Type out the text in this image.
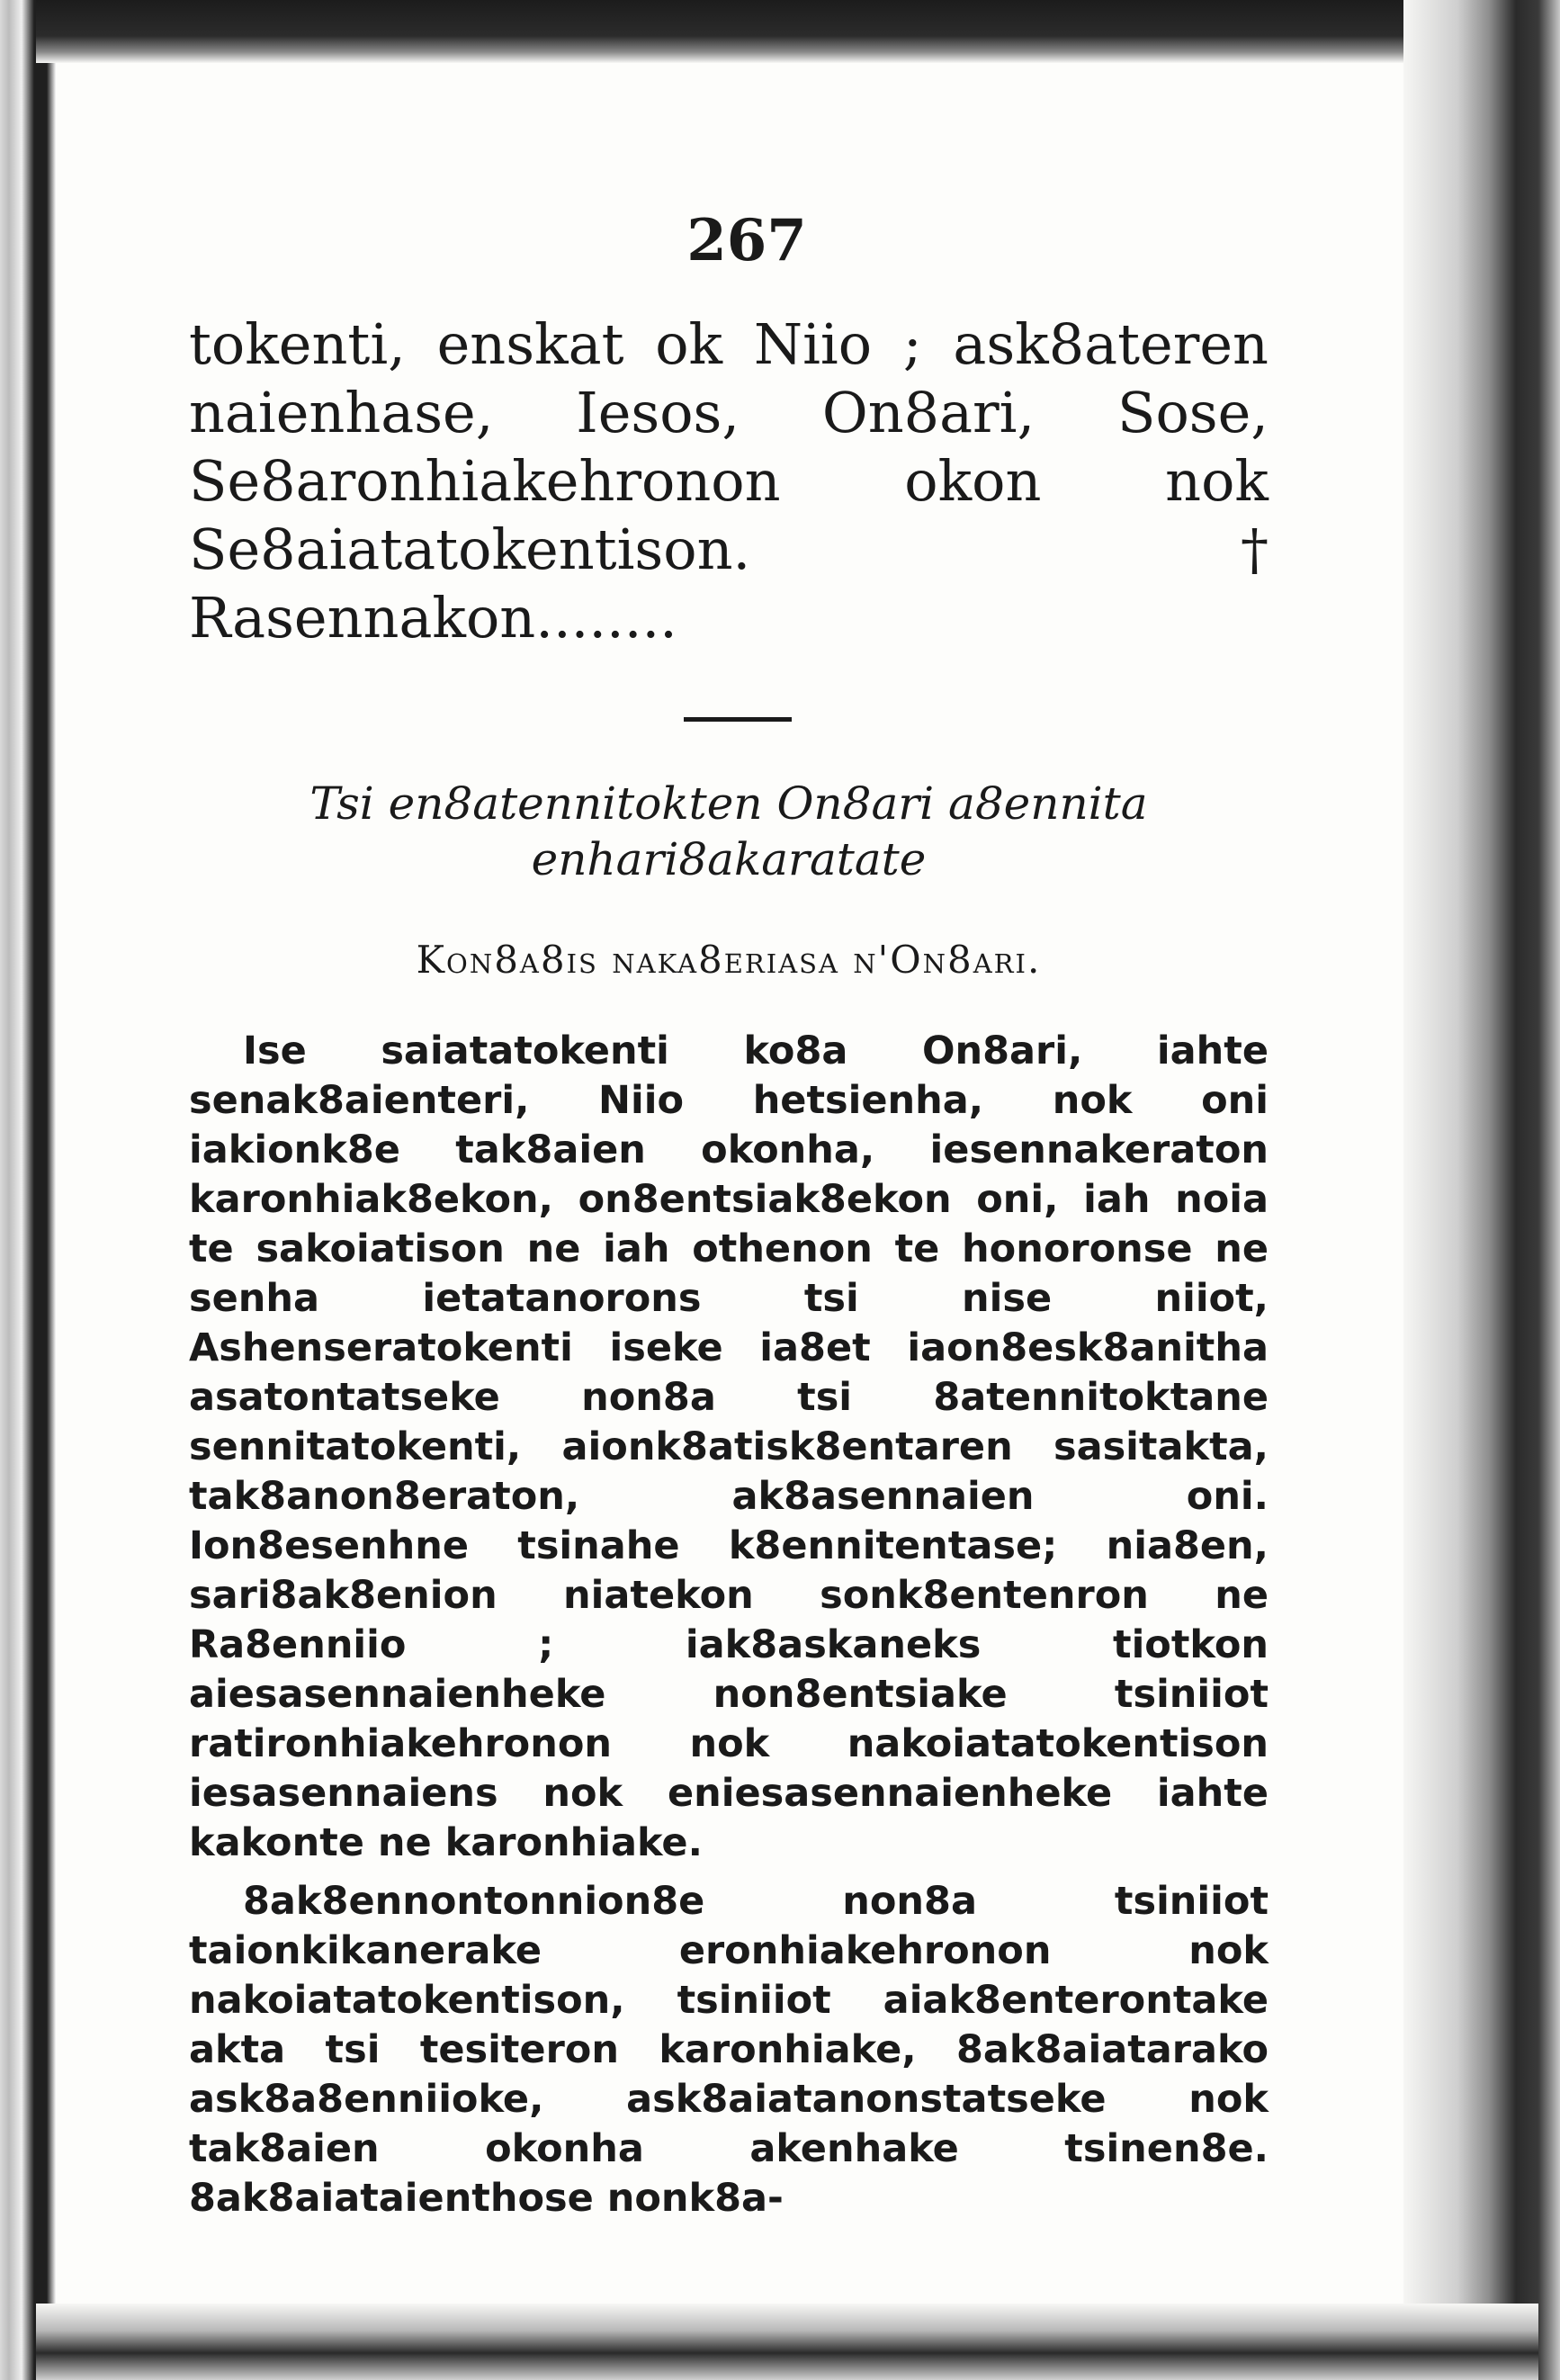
267

tokenti, enskat ok Niio ; ask8ateren naienhase, Iesos, On8ari, Sose, Se8aronhiakehronon okon nok Se8aiatatokentison. † Rasennakon........

Tsi en8atennitokten On8ari a8ennita enhari8akaratate
Kon8a8is naka8eriasa n'On8ari.

Ise saiatatokenti ko8a On8ari, iahte senak8aienteri, Niio hetsienha, nok oni iakionk8e tak8aien okonha, iesennakeraton karonhiak8ekon, on8entsiak8ekon oni, iah noia te sakoiatison ne iah othenon te honoronse ne senha ietatanorons tsi nise niiot, Ashenseratokenti iseke ia8et iaon8esk8anitha asatontatseke non8a tsi 8atennitoktane sennitatokenti, aionk8atisk8entaren sasitakta, tak8anon8eraton, ak8asennaien oni. Ion8esenhne tsinahe k8ennitentase; nia8en, sari8ak8enion niatekon sonk8entenron ne Ra8enniio ; iak8askaneks tiotkon aiesasennaienheke non8entsiake tsiniiot ratironhiakehronon nok nakoiatatokentison iesasennaiens nok eniesasennaienheke iahte kakonte ne karonhiake.

8ak8ennontonnion8e non8a tsiniiot taionkikanerake eronhiakehronon nok nakoiatatokentison, tsiniiot aiak8enterontake akta tsi tesiteron karonhiake, 8ak8aiatarako ask8a8enniioke, ask8aiatanonstatseke nok tak8aien okonha akenhake tsinen8e. 8ak8aiataienthose nonk8a-
